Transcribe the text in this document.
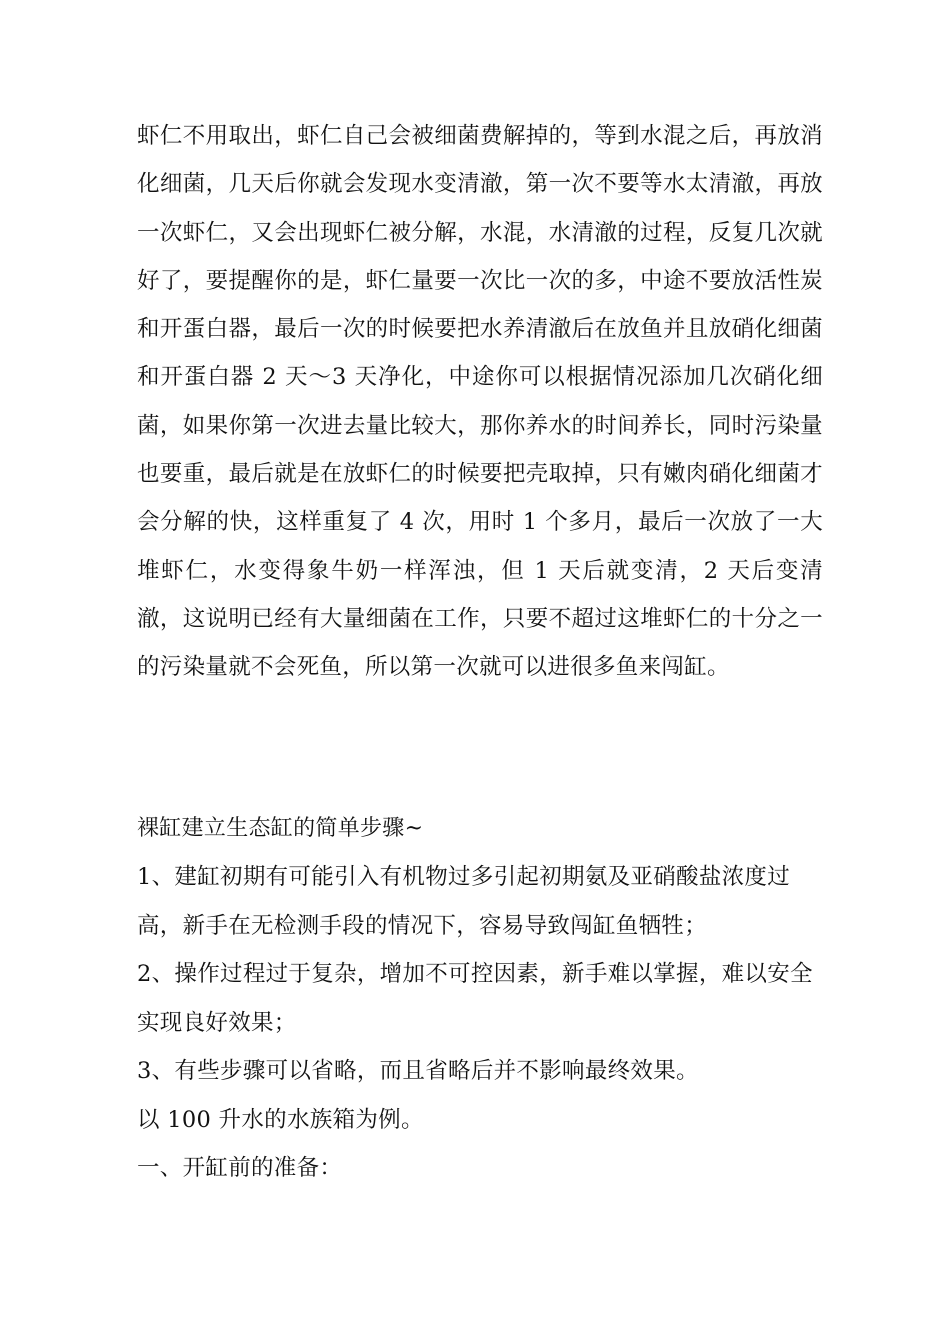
虾仁不用取出，虾仁自己会被细菌费解掉的，等到水混之后，再放消化细菌，几天后你就会发现水变清澈，第一次不要等水太清澈，再放一次虾仁，又会出现虾仁被分解，水混，水清澈的过程，反复几次就好了，要提醒你的是，虾仁量要一次比一次的多，中途不要放活性炭和开蛋白器，最后一次的时候要把水养清澈后在放鱼并且放硝化细菌和开蛋白器 2 天～3 天净化，中途你可以根据情况添加几次硝化细菌，如果你第一次进去量比较大，那你养水的时间养长，同时污染量也要重，最后就是在放虾仁的时候要把壳取掉，只有嫩肉硝化细菌才会分解的快，这样重复了 4 次，用时 1 个多月，最后一次放了一大堆虾仁，水变得象牛奶一样浑浊，但 1 天后就变清，2 天后变清澈，这说明已经有大量细菌在工作，只要不超过这堆虾仁的十分之一的污染量就不会死鱼，所以第一次就可以进很多鱼来闯缸。

裸缸建立生态缸的简单步骤~

1、建缸初期有可能引入有机物过多引起初期氨及亚硝酸盐浓度过高，新手在无检测手段的情况下，容易导致闯缸鱼牺牲；

2、操作过程过于复杂，增加不可控因素，新手难以掌握，难以安全实现良好效果；

3、有些步骤可以省略，而且省略后并不影响最终效果。

以 100 升水的水族箱为例。

一、开缸前的准备：
